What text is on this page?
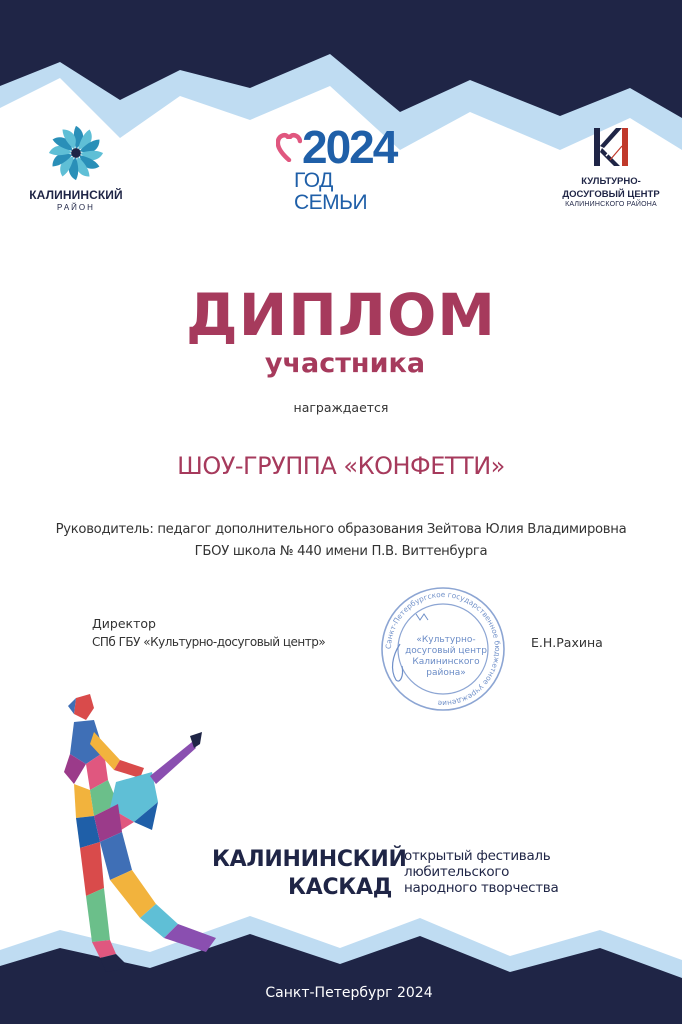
КАЛИНИНСКИЙ
РАЙОН
2024
ГОД СЕМЬИ
КУЛЬТУРНО-
ДОСУГОВЫЙ ЦЕНТР
КАЛИНИНСКОГО РАЙОНА
ДИПЛОМ
участника
награждается
ШОУ-ГРУППА «КОНФЕТТИ»
Руководитель: педагог дополнительного образования Зейтова Юлия Владимировна
ГБОУ школа № 440 имени П.В. Виттенбурга
Директор
СПб ГБУ «Культурно-досуговый центр»	Е.Н.Рахина
Санкт-Петербургское государственное бюджетное учреждение
«Культурно-
досуговый центр
Калининского
района»
КАЛИНИНСКИЙ
КАСКАД
открытый фестиваль
любительского
народного творчества
Санкт-Петербург 2024
